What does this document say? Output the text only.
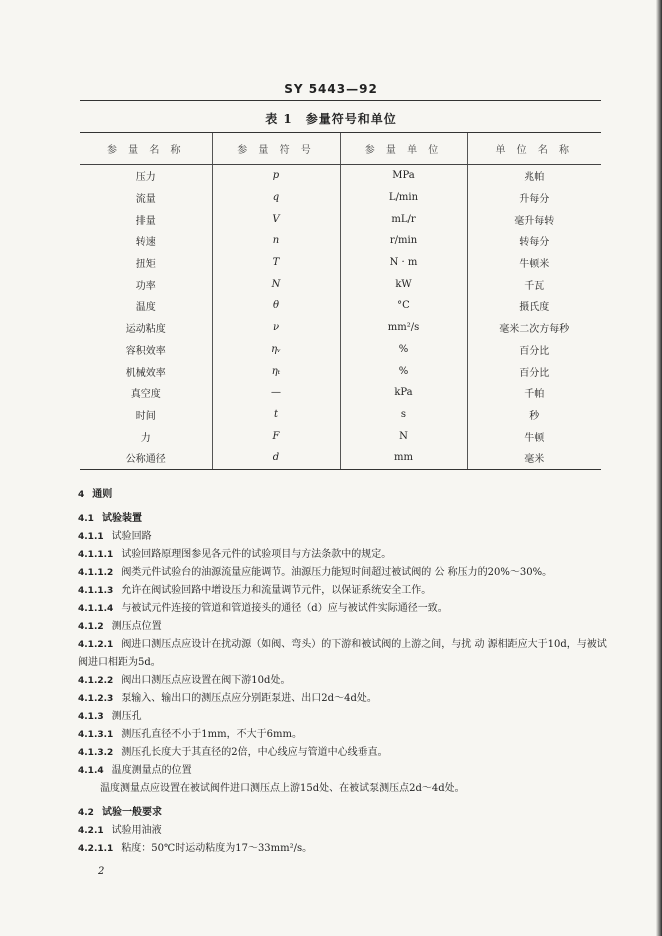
SY 5443—92
表 1　参量符号和单位
参 量 名 称	参 量 符 号	参 量 单 位	单 位 名 称
压力	p	MPa	兆帕
流量	q	L/min	升每分
排量	V	mL/r	毫升每转
转速	n	r/min	转每分
扭矩	T	N · m	牛顿米
功率	N	kW	千瓦
温度	θ	°C	摄氏度
运动粘度	ν	mm²/s	毫米二次方每秒
容积效率	ηᵥ	%	百分比
机械效率	ηₜ	%	百分比
真空度	—	kPa	千帕
时间	t	s	秒
力	F	N	牛顿
公称通径	d	mm	毫米
4 通则
4.1 试验装置
4.1.1 试验回路
4.1.1.1 试验回路原理图参见各元件的试验项目与方法条款中的规定。
4.1.1.2 阀类元件试验台的油源流量应能调节。油源压力能短时间超过被试阀的 公 称压力的20%～30%。
4.1.1.3 允许在阀试验回路中增设压力和流量调节元件，以保证系统安全工作。
4.1.1.4 与被试元件连接的管道和管道接头的通径（d）应与被试件实际通径一致。
4.1.2 测压点位置
4.1.2.1 阀进口测压点应设计在扰动源（如阀、弯头）的下游和被试阀的上游之间，与扰 动 源相距应大于10d，与被试阀进口相距为5d。
4.1.2.2 阀出口测压点应设置在阀下游10d处。
4.1.2.3 泵输入、输出口的测压点应分别距泵进、出口2d～4d处。
4.1.3 测压孔
4.1.3.1 测压孔直径不小于1mm，不大于6mm。
4.1.3.2 测压孔长度大于其直径的2倍，中心线应与管道中心线垂直。
4.1.4 温度测量点的位置
温度测量点应设置在被试阀件进口测压点上游15d处、在被试泵测压点2d～4d处。
4.2 试验一般要求
4.2.1 试验用油液
4.2.1.1 粘度：50℃时运动粘度为17～33mm²/s。
2
